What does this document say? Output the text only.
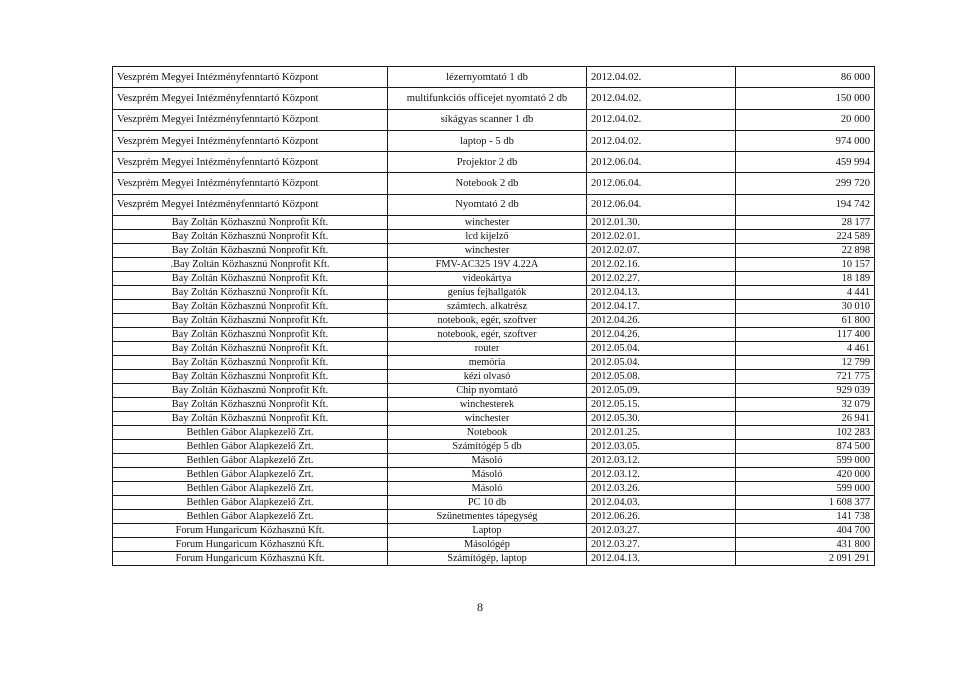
Veszprém Megyei Intézményfenntartó Központ	lézernyomtató 1 db	2012.04.02.	86 000
Veszprém Megyei Intézményfenntartó Központ	multifunkciós officejet nyomtató 2 db	2012.04.02.	150 000
Veszprém Megyei Intézményfenntartó Központ	síkágyas scanner 1 db	2012.04.02.	20 000
Veszprém Megyei Intézményfenntartó Központ	laptop - 5 db	2012.04.02.	974 000
Veszprém Megyei Intézményfenntartó Központ	Projektor 2 db	2012.06.04.	459 994
Veszprém Megyei Intézményfenntartó Központ	Notebook 2 db	2012.06.04.	299 720
Veszprém Megyei Intézményfenntartó Központ	Nyomtató 2 db	2012.06.04.	194 742
Bay Zoltán Közhasznú Nonprofit Kft.	winchester	2012.01.30.	28 177
Bay Zoltán Közhasznú Nonprofit Kft.	lcd kijelző	2012.02.01.	224 589
Bay Zoltán Közhasznú Nonprofit Kft.	winchester	2012.02.07.	22 898
.Bay Zoltán Közhasznú Nonprofit Kft.	FMV-AC325 19V 4.22A	2012.02.16.	10 157
Bay Zoltán Közhasznú Nonprofit Kft.	videokártya	2012.02.27.	18 189
Bay Zoltán Közhasznú Nonprofit Kft.	genius fejhallgatók	2012.04.13.	4 441
Bay Zoltán Közhasznú Nonprofit Kft.	számtech. alkatrész	2012.04.17.	30 010
Bay Zoltán Közhasznú Nonprofit Kft.	notebook, egér, szoftver	2012.04.26.	61 800
Bay Zoltán Közhasznú Nonprofit Kft.	notebook, egér, szoftver	2012.04.26.	117 400
Bay Zoltán Közhasznú Nonprofit Kft.	router	2012.05.04.	4 461
Bay Zoltán Közhasznú Nonprofit Kft.	memória	2012.05.04.	12 799
Bay Zoltán Közhasznú Nonprofit Kft.	kézi olvasó	2012.05.08.	721 775
Bay Zoltán Közhasznú Nonprofit Kft.	Chip nyomtató	2012.05.09.	929 039
Bay Zoltán Közhasznú Nonprofit Kft.	winchesterek	2012.05.15.	32 079
Bay Zoltán Közhasznú Nonprofit Kft.	winchester	2012.05.30.	26 941
Bethlen Gábor Alapkezelő Zrt.	Notebook	2012.01.25.	102 283
Bethlen Gábor Alapkezelő Zrt.	Számítógép 5 db	2012.03.05.	874 500
Bethlen Gábor Alapkezelő Zrt.	Másoló	2012.03.12.	599 000
Bethlen Gábor Alapkezelő Zrt.	Másoló	2012.03.12.	420 000
Bethlen Gábor Alapkezelő Zrt.	Másoló	2012.03.26.	599 000
Bethlen Gábor Alapkezelő Zrt.	PC 10 db	2012.04.03.	1 608 377
Bethlen Gábor Alapkezelő Zrt.	Szünetmentes tápegység	2012.06.26.	141 738
Forum Hungaricum Közhasznú Kft.	Laptop	2012.03.27.	404 700
Forum Hungaricum Közhasznú Kft.	Másológép	2012.03.27.	431 800
Forum Hungaricum Közhasznú Kft.	Számítógép, laptop	2012.04.13.	2 091 291
8
